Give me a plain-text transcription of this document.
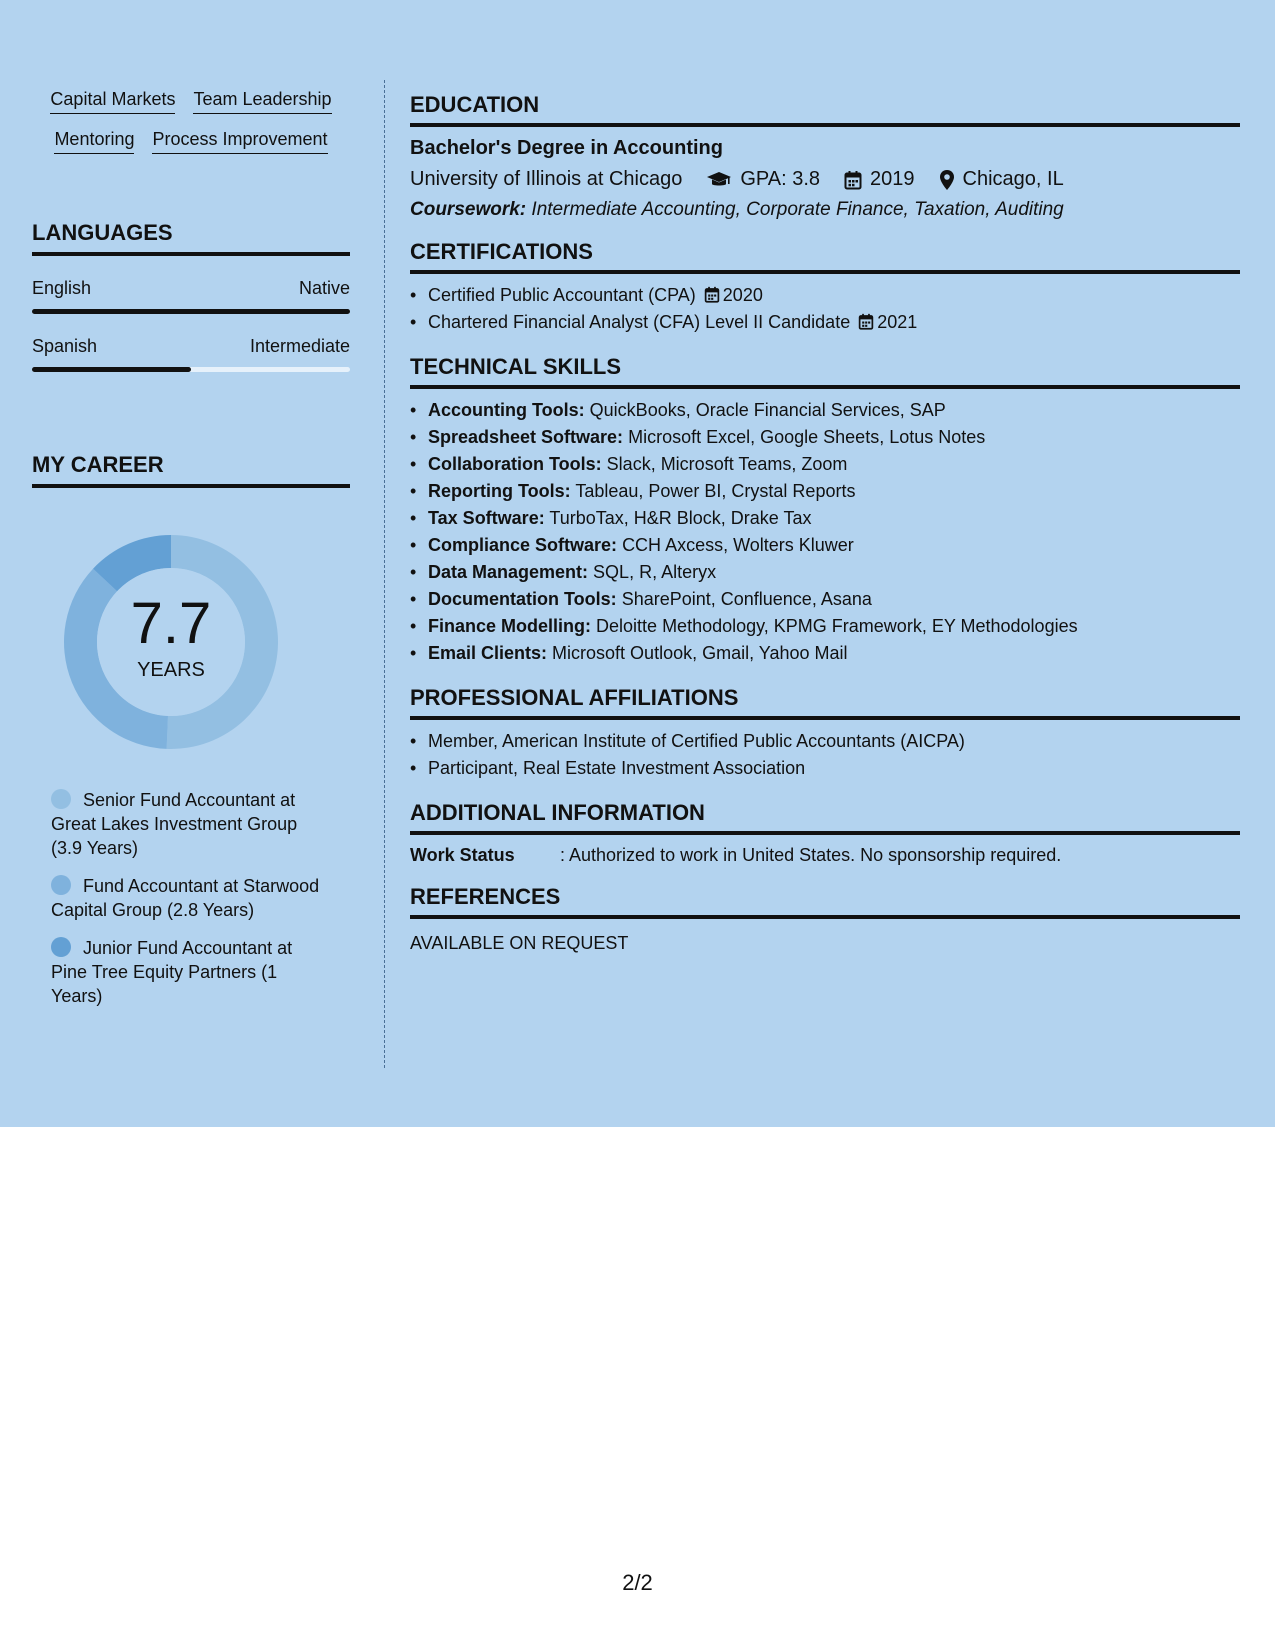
Capital Markets Team Leadership
Mentoring Process Improvement
LANGUAGES
English	Native
Spanish	Intermediate
MY CAREER
7.7
YEARS
Senior Fund Accountant at Great Lakes Investment Group (3.9 Years)
Fund Accountant at Starwood Capital Group (2.8 Years)
Junior Fund Accountant at Pine Tree Equity Partners (1 Years)
EDUCATION
Bachelor's Degree in Accounting
University of Illinois at Chicago	GPA: 3.8	2019 Chicago, IL
Coursework: Intermediate Accounting, Corporate Finance, Taxation, Auditing
CERTIFICATIONS
• Certified Public Accountant (CPA) 2020
• Chartered Financial Analyst (CFA) Level II Candidate 2021
TECHNICAL SKILLS
• Accounting Tools: QuickBooks, Oracle Financial Services, SAP
• Spreadsheet Software: Microsoft Excel, Google Sheets, Lotus Notes
• Collaboration Tools: Slack, Microsoft Teams, Zoom
• Reporting Tools: Tableau, Power BI, Crystal Reports
• Tax Software: TurboTax, H&R Block, Drake Tax
• Compliance Software: CCH Axcess, Wolters Kluwer
• Data Management: SQL, R, Alteryx
• Documentation Tools: SharePoint, Confluence, Asana
• Finance Modelling: Deloitte Methodology, KPMG Framework, EY Methodologies
• Email Clients: Microsoft Outlook, Gmail, Yahoo Mail
PROFESSIONAL AFFILIATIONS
• Member, American Institute of Certified Public Accountants (AICPA)
• Participant, Real Estate Investment Association
ADDITIONAL INFORMATION
Work Status	: Authorized to work in United States. No sponsorship required.
REFERENCES
AVAILABLE ON REQUEST
2/2
